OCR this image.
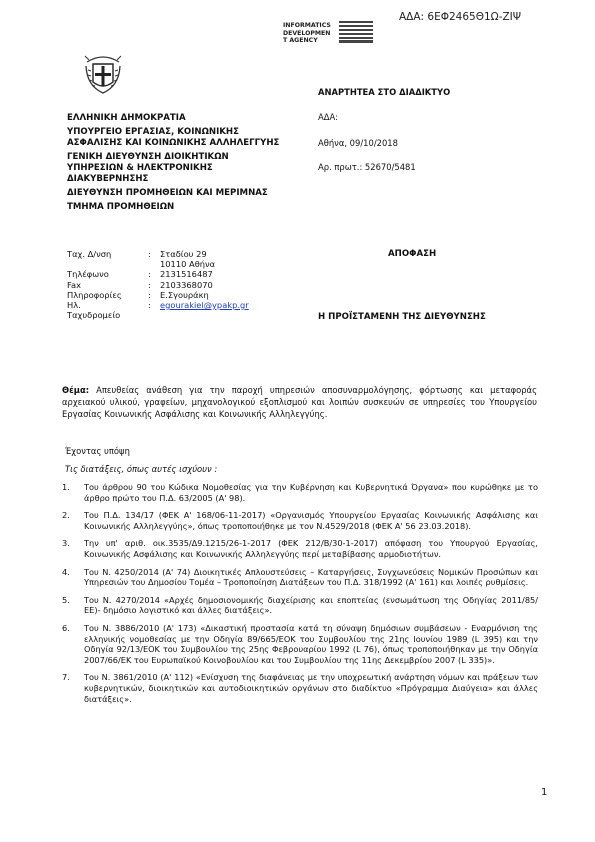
ΑΔΑ: 6ΕΦ2465Θ1Ω-ΖΙΨ
INFORMATICS
DEVELOPMEN
T AGENCY
ΕΛΛΗΝΙΚΗ ΔΗΜΟΚΡΑΤΙΑ
ΥΠΟΥΡΓΕΙΟ ΕΡΓΑΣΙΑΣ, ΚΟΙΝΩΝΙΚΗΣ ΑΣΦΑΛΙΣΗΣ ΚΑΙ ΚΟΙΝΩΝΙΚΗΣ ΑΛΛΗΛΕΓΓΥΗΣ
ΓΕΝΙΚΗ ΔΙΕΥΘΥΝΣΗ ΔΙΟΙΚΗΤΙΚΩΝ ΥΠΗΡΕΣΙΩΝ & ΗΛΕΚΤΡΟΝΙΚΗΣ ΔΙΑΚΥΒΕΡΝΗΣΗΣ
ΔΙΕΥΘΥΝΣΗ ΠΡΟΜΗΘΕΙΩΝ ΚΑΙ ΜΕΡΙΜΝΑΣ
ΤΜΗΜΑ ΠΡΟΜΗΘΕΙΩΝ
ΑΝΑΡΤΗΤΕΑ ΣΤΟ ΔΙΑΔΙΚΤΥΟ
ΑΔΑ:
Αθήνα, 09/10/2018
Αρ. πρωτ.: 52670/5481
Ταχ. Δ/νση	:	Σταδίου 29
10110 Αθήνα
Τηλέφωνο	:	2131516487
Fax	:	2103368070
Πληροφορίες	:	Ε.Σγουράκη
Ηλ.	:	egourakiel@ypakp.gr
Ταχυδρομείο
ΑΠΟΦΑΣΗ
Η ΠΡΟΪΣΤΑΜΕΝΗ ΤΗΣ ΔΙΕΥΘΥΝΣΗΣ
Θέμα: Απευθείας ανάθεση για την παροχή υπηρεσιών αποσυναρμολόγησης, φόρτωσης και μεταφοράς αρχειακού υλικού, γραφείων, μηχανολογικού εξοπλισμού και λοιπών συσκευών σε υπηρεσίες του Υπουργείου Εργασίας Κοινωνικής Ασφάλισης και Κοινωνικής Αλληλεγγύης.
Έχοντας υπόψη
Τις διατάξεις, όπως αυτές ισχύουν :
1.	Του άρθρου 90 του Κώδικα Νομοθεσίας για την Κυβέρνηση και Κυβερνητικά Όργανα» που κυρώθηκε με το άρθρο πρώτο του Π.Δ. 63/2005 (Α' 98).
2.	Του Π.Δ. 134/17 (ΦΕΚ Α' 168/06-11-2017) «Οργανισμός Υπουργείου Εργασίας Κοινωνικής Ασφάλισης και Κοινωνικής Αλληλεγγύης», όπως τροποποιήθηκε με τον Ν.4529/2018 (ΦΕΚ Α' 56 23.03.2018).
3.	Την υπ' αριθ. οικ.3535/Δ9.1215/26-1-2017 (ΦΕΚ 212/Β/30-1-2017) απόφαση του Υπουργού Εργασίας, Κοινωνικής Ασφάλισης και Κοινωνικής Αλληλεγγύης περί μεταβίβασης αρμοδιοτήτων.
4.	Του Ν. 4250/2014 (Α' 74) Διοικητικές Απλουστεύσεις – Καταργήσεις, Συγχωνεύσεις Νομικών Προσώπων και Υπηρεσιών του Δημοσίου Τομέα – Τροποποίηση Διατάξεων του Π.Δ. 318/1992 (Α' 161) και λοιπές ρυθμίσεις.
5.	Του Ν. 4270/2014 «Αρχές δημοσιονομικής διαχείρισης και εποπτείας (ενσωμάτωση της Οδηγίας 2011/85/ΕΕ)- δημόσιο λογιστικό και άλλες διατάξεις».
6.	Του Ν. 3886/2010 (Α' 173) «Δικαστική προστασία κατά τη σύναψη δημόσιων συμβάσεων - Εναρμόνιση της ελληνικής νομοθεσίας με την Οδηγία 89/665/ΕΟΚ του Συμβουλίου της 21ης Ιουνίου 1989 (L 395) και την Οδηγία 92/13/ΕΟΚ του Συμβουλίου της 25ης Φεβρουαρίου 1992 (L 76), όπως τροποποιήθηκαν με την Οδηγία 2007/66/ΕΚ του Ευρωπαϊκού Κοινοβουλίου και του Συμβουλίου της 11ης Δεκεμβρίου 2007 (L 335)».
7.	Του Ν. 3861/2010 (Α' 112) «Ενίσχυση της διαφάνειας με την υποχρεωτική ανάρτηση νόμων και πράξεων των κυβερνητικών, διοικητικών και αυτοδιοικητικών οργάνων στο διαδίκτυο «Πρόγραμμα Διαύγεια» και άλλες διατάξεις».
1
